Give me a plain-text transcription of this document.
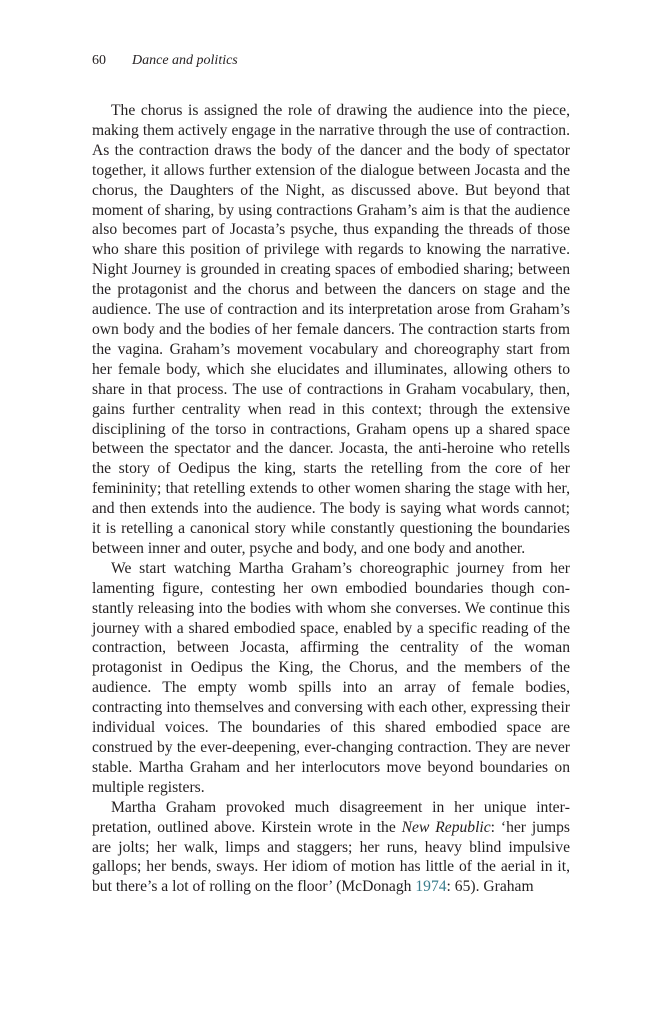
60 Dance and politics

The chorus is assigned the role of drawing the audience into the piece, making them actively engage in the narrative through the use of contraction. As the contraction draws the body of the dancer and the body of spectator together, it allows further extension of the dialogue between Jocasta and the chorus, the Daughters of the Night, as discussed above. But beyond that moment of sharing, by using contractions Graham’s aim is that the audience also becomes part of Jocasta’s psyche, thus expanding the threads of those who share this position of privilege with regards to knowing the narrative. Night Journey is grounded in creating spaces of embodied sharing; between the protagonist and the chorus and between the dancers on stage and the audience. The use of contraction and its interpretation arose from Graham’s own body and the bodies of her female dancers. The contraction starts from the vagina. Graham’s movement vocabulary and choreography start from her female body, which she elucidates and illuminates, allowing others to share in that process. The use of contractions in Graham vocabulary, then, gains further centrality when read in this context; through the extensive disciplining of the torso in contractions, Graham opens up a shared space between the spectator and the dancer. Jocasta, the anti-heroine who retells the story of Oedipus the king, starts the retelling from the core of her femininity; that retelling extends to other women sharing the stage with her, and then extends into the audience. The body is saying what words cannot; it is retelling a canonical story while constantly questioning the boundaries between inner and outer, psyche and body, and one body and another.

We start watching Martha Graham’s choreographic journey from her lamenting figure, contesting her own embodied boundaries though constantly releasing into the bodies with whom she converses. We continue this journey with a shared embodied space, enabled by a specific reading of the contraction, between Jocasta, affirming the centrality of the woman protagonist in Oedipus the King, the Chorus, and the members of the audience. The empty womb spills into an array of female bodies, contracting into themselves and conversing with each other, expressing their individual voices. The boundaries of this shared embodied space are construed by the ever-deepening, ever-changing contraction. They are never stable. Martha Graham and her interlocutors move beyond boundaries on multiple registers.

Martha Graham provoked much disagreement in her unique interpretation, outlined above. Kirstein wrote in the New Republic: ‘her jumps are jolts; her walk, limps and staggers; her runs, heavy blind impulsive gallops; her bends, sways. Her idiom of motion has little of the aerial in it, but there’s a lot of rolling on the floor’ (McDonagh 1974: 65). Graham
